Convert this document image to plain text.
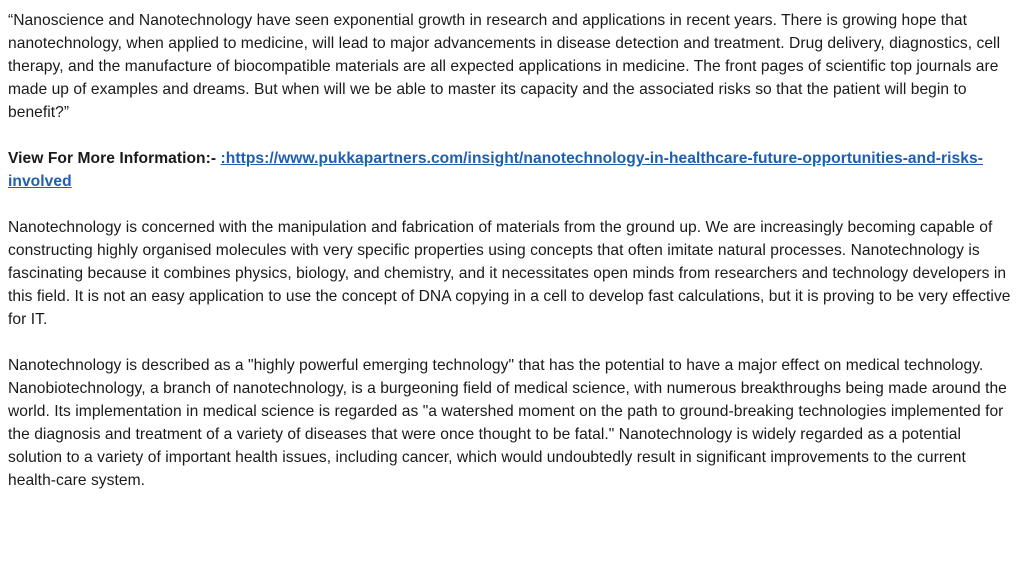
“Nanoscience and Nanotechnology have seen exponential growth in research and applications in recent years. There is growing hope that nanotechnology, when applied to medicine, will lead to major advancements in disease detection and treatment. Drug delivery, diagnostics, cell therapy, and the manufacture of biocompatible materials are all expected applications in medicine. The front pages of scientific top journals are made up of examples and dreams. But when will we be able to master its capacity and the associated risks so that the patient will begin to benefit?”

View For More Information:- :https://www.pukkapartners.com/insight/nanotechnology-in-healthcare-future-opportunities-and-risks-involved

Nanotechnology is concerned with the manipulation and fabrication of materials from the ground up. We are increasingly becoming capable of constructing highly organised molecules with very specific properties using concepts that often imitate natural processes. Nanotechnology is fascinating because it combines physics, biology, and chemistry, and it necessitates open minds from researchers and technology developers in this field. It is not an easy application to use the concept of DNA copying in a cell to develop fast calculations, but it is proving to be very effective for IT.

Nanotechnology is described as a "highly powerful emerging technology" that has the potential to have a major effect on medical technology. Nanobiotechnology, a branch of nanotechnology, is a burgeoning field of medical science, with numerous breakthroughs being made around the world. Its implementation in medical science is regarded as "a watershed moment on the path to ground-breaking technologies implemented for the diagnosis and treatment of a variety of diseases that were once thought to be fatal." Nanotechnology is widely regarded as a potential solution to a variety of important health issues, including cancer, which would undoubtedly result in significant improvements to the current health-care system.
